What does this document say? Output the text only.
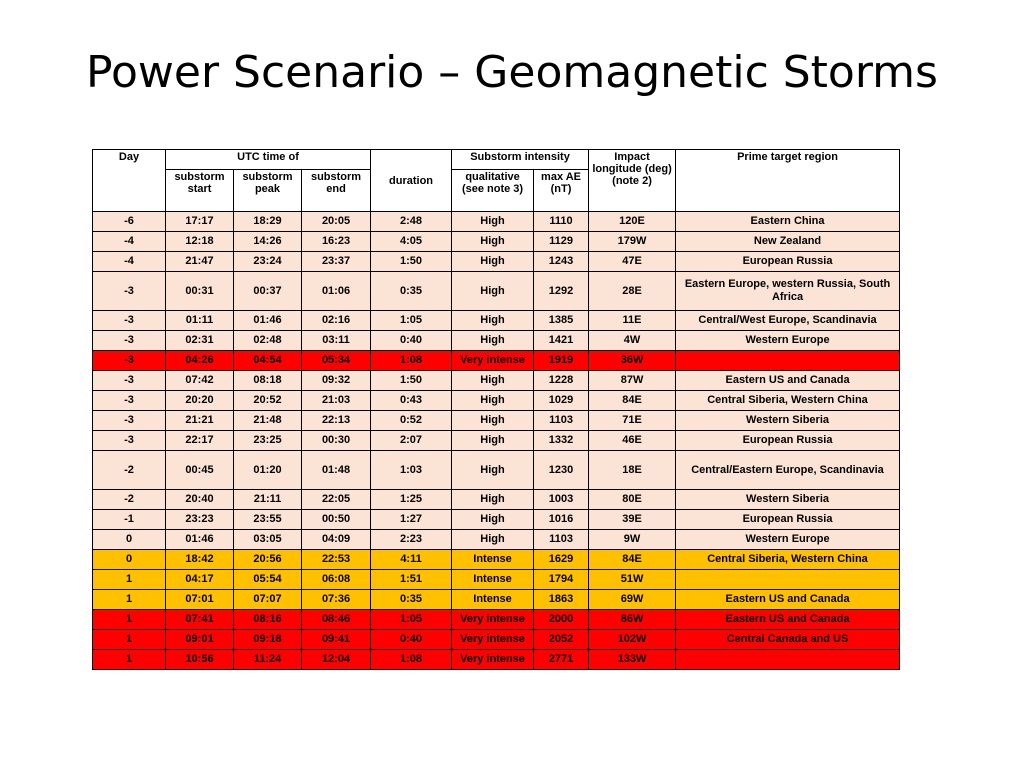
Power Scenario – Geomagnetic Storms
Day	UTC time of			duration	Substorm intensity		Impact longitude (deg) (note 2)	Prime target region
	substorm start	substorm peak	substorm end		qualitative (see note 3)	max AE (nT)		
-6	17:17	18:29	20:05	2:48	High	1110	120E	Eastern China
-4	12:18	14:26	16:23	4:05	High	1129	179W	New Zealand
-4	21:47	23:24	23:37	1:50	High	1243	47E	European Russia
-3	00:31	00:37	01:06	0:35	High	1292	28E	Eastern Europe, western Russia, South Africa
-3	01:11	01:46	02:16	1:05	High	1385	11E	Central/West Europe, Scandinavia
-3	02:31	02:48	03:11	0:40	High	1421	4W	Western Europe
-3	04:26	04:54	05:34	1:08	Very intense	1919	36W	
-3	07:42	08:18	09:32	1:50	High	1228	87W	Eastern US and Canada
-3	20:20	20:52	21:03	0:43	High	1029	84E	Central Siberia, Western China
-3	21:21	21:48	22:13	0:52	High	1103	71E	Western Siberia
-3	22:17	23:25	00:30	2:07	High	1332	46E	European Russia
-2	00:45	01:20	01:48	1:03	High	1230	18E	Central/Eastern Europe, Scandinavia
-2	20:40	21:11	22:05	1:25	High	1003	80E	Western Siberia
-1	23:23	23:55	00:50	1:27	High	1016	39E	European Russia
0	01:46	03:05	04:09	2:23	High	1103	9W	Western Europe
0	18:42	20:56	22:53	4:11	Intense	1629	84E	Central Siberia, Western China
1	04:17	05:54	06:08	1:51	Intense	1794	51W	
1	07:01	07:07	07:36	0:35	Intense	1863	69W	Eastern US and Canada
1	07:41	08:16	08:46	1:05	Very intense	2000	86W	Eastern US and Canada
1	09:01	09:18	09:41	0:40	Very intense	2052	102W	Central Canada and US
1	10:56	11:24	12:04	1:08	Very intense	2771	133W	
